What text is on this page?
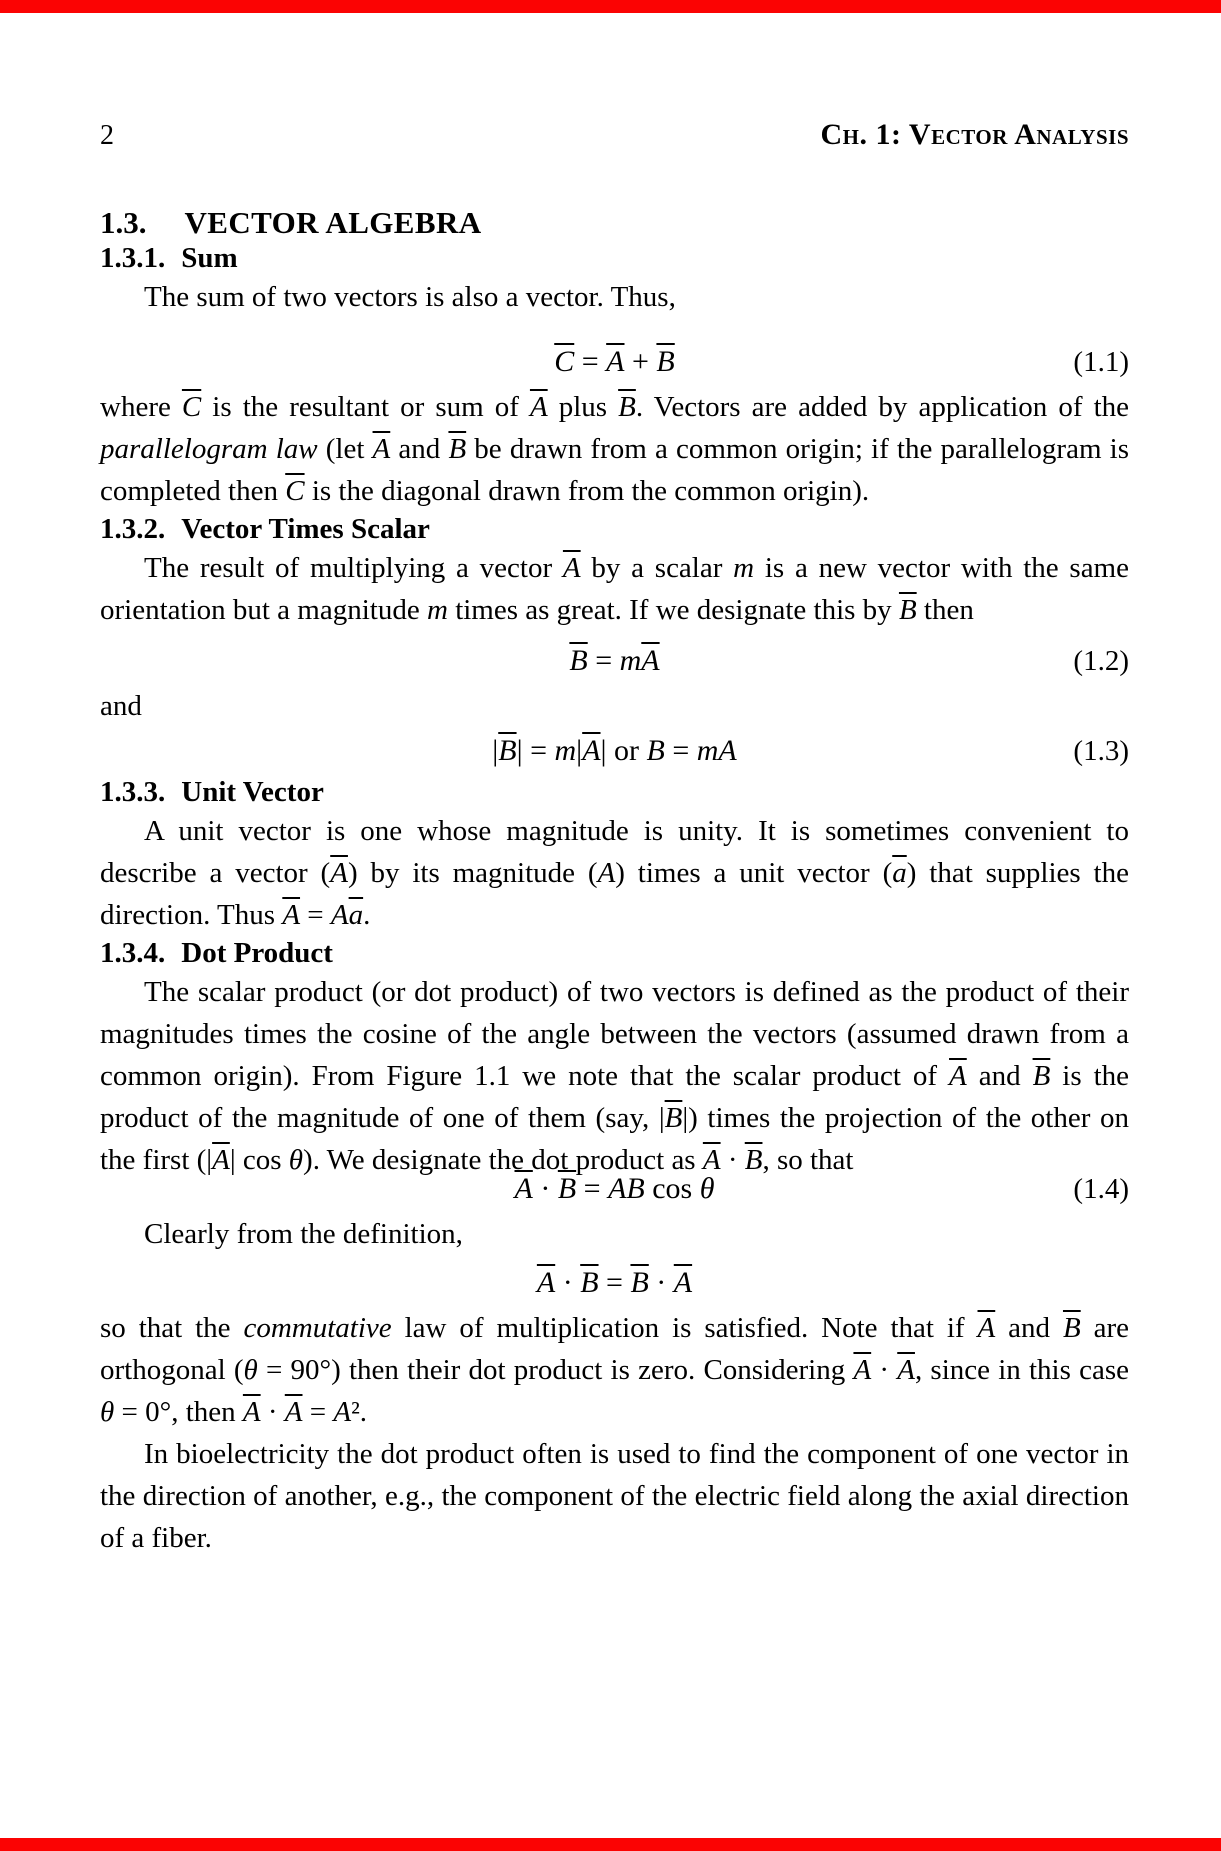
2	Ch. 1: Vector Analysis
1.3. VECTOR ALGEBRA
1.3.1. Sum

The sum of two vectors is also a vector. Thus,

$\overline{C} = \overline{A} + \overline{B}$	(1.1)

where $\overline{C}$ is the resultant or sum of $\overline{A}$ plus $\overline{B}$. Vectors are added by application of the parallelogram law (let $\overline{A}$ and $\overline{B}$ be drawn from a common origin; if the parallelogram is completed then $\overline{C}$ is the diagonal drawn from the common origin).

1.3.2. Vector Times Scalar

The result of multiplying a vector $\overline{A}$ by a scalar m is a new vector with the same orientation but a magnitude m times as great. If we designate this by $\overline{B}$ then

$\overline{B} = m\overline{A}$	(1.2)

and

$|\overline{B}| = m|\overline{A}|$ or B = mA	(1.3)
1.3.3. Unit Vector

A unit vector is one whose magnitude is unity. It is sometimes convenient to describe a vector $(\overline{A})$ by its magnitude (A) times a unit vector $(\overline{a})$ that supplies the direction. Thus $\overline{A} = A\overline{a}$.

1.3.4. Dot Product

The scalar product (or dot product) of two vectors is defined as the product of their magnitudes times the cosine of the angle between the vectors (assumed drawn from a common origin). From Figure 1.1 we note that the scalar product of $\overline{A}$ and $\overline{B}$ is the product of the magnitude of one of them (say, $|\overline{B}|$) times the projection of the other on the first ($|\overline{A}|$ cos θ). We designate the dot product as $\overline{A} \cdot \overline{B}$, so that

$\overline{A} \cdot \overline{B}$ = AB cos θ	(1.4)

Clearly from the definition,

$\overline{A} \cdot \overline{B} = \overline{B} \cdot \overline{A}$

so that the commutative law of multiplication is satisfied. Note that if $\overline{A}$ and $\overline{B}$ are orthogonal (θ = 90°) then their dot product is zero. Considering $\overline{A} \cdot \overline{A}$, since in this case θ = 0°, then $\overline{A} \cdot \overline{A} = A^2$.

In bioelectricity the dot product often is used to find the component of one vector in the direction of another, e.g., the component of the electric field along the axial direction of a fiber.
